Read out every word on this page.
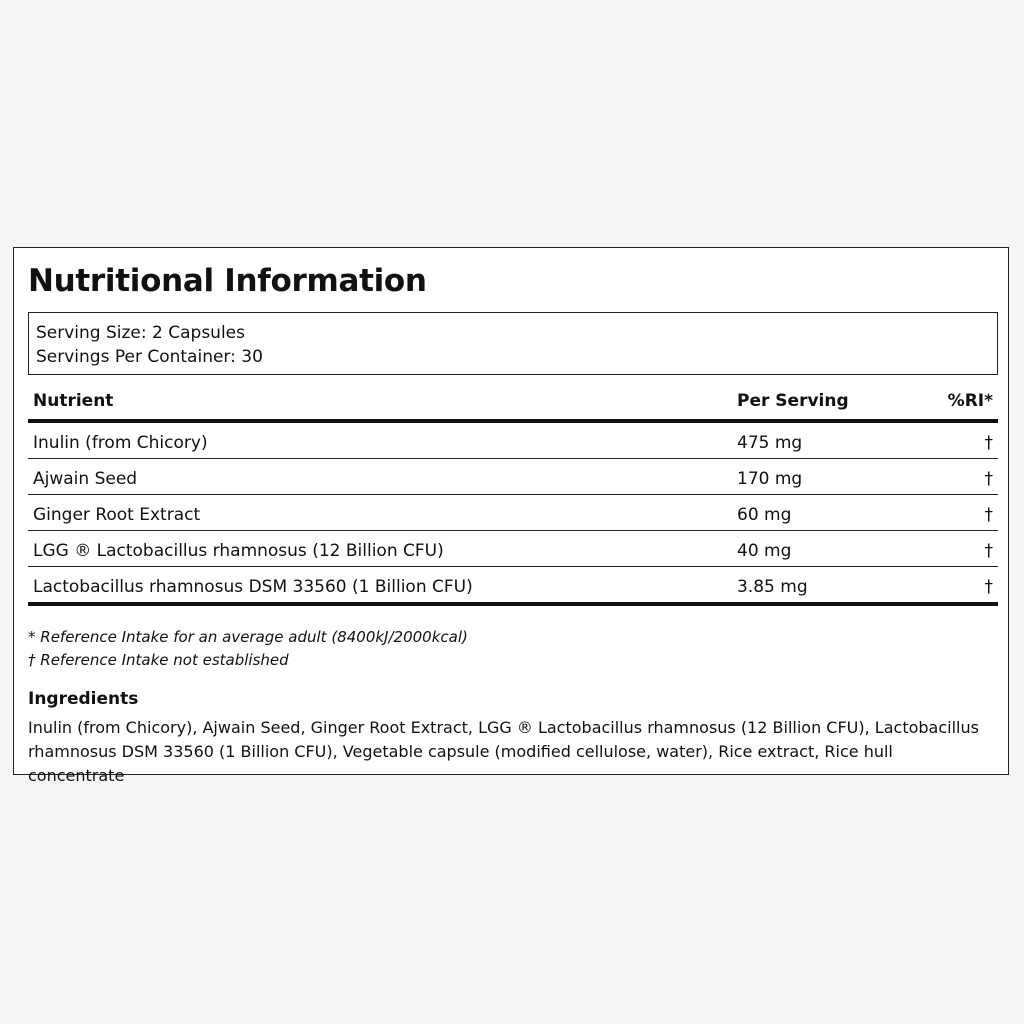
Nutritional Information
Serving Size: 2 Capsules
Servings Per Container: 30
Nutrient	Per Serving	%RI*
Inulin (from Chicory)	475 mg	†
Ajwain Seed	170 mg	†
Ginger Root Extract	60 mg	†
LGG ® Lactobacillus rhamnosus (12 Billion CFU)	40 mg	†
Lactobacillus rhamnosus DSM 33560 (1 Billion CFU)	3.85 mg	†
* Reference Intake for an average adult (8400kJ/2000kcal)
† Reference Intake not established
Ingredients
Inulin (from Chicory), Ajwain Seed, Ginger Root Extract, LGG ® Lactobacillus rhamnosus (12 Billion CFU), Lactobacillus rhamnosus DSM 33560 (1 Billion CFU), Vegetable capsule (modified cellulose, water), Rice extract, Rice hull concentrate
